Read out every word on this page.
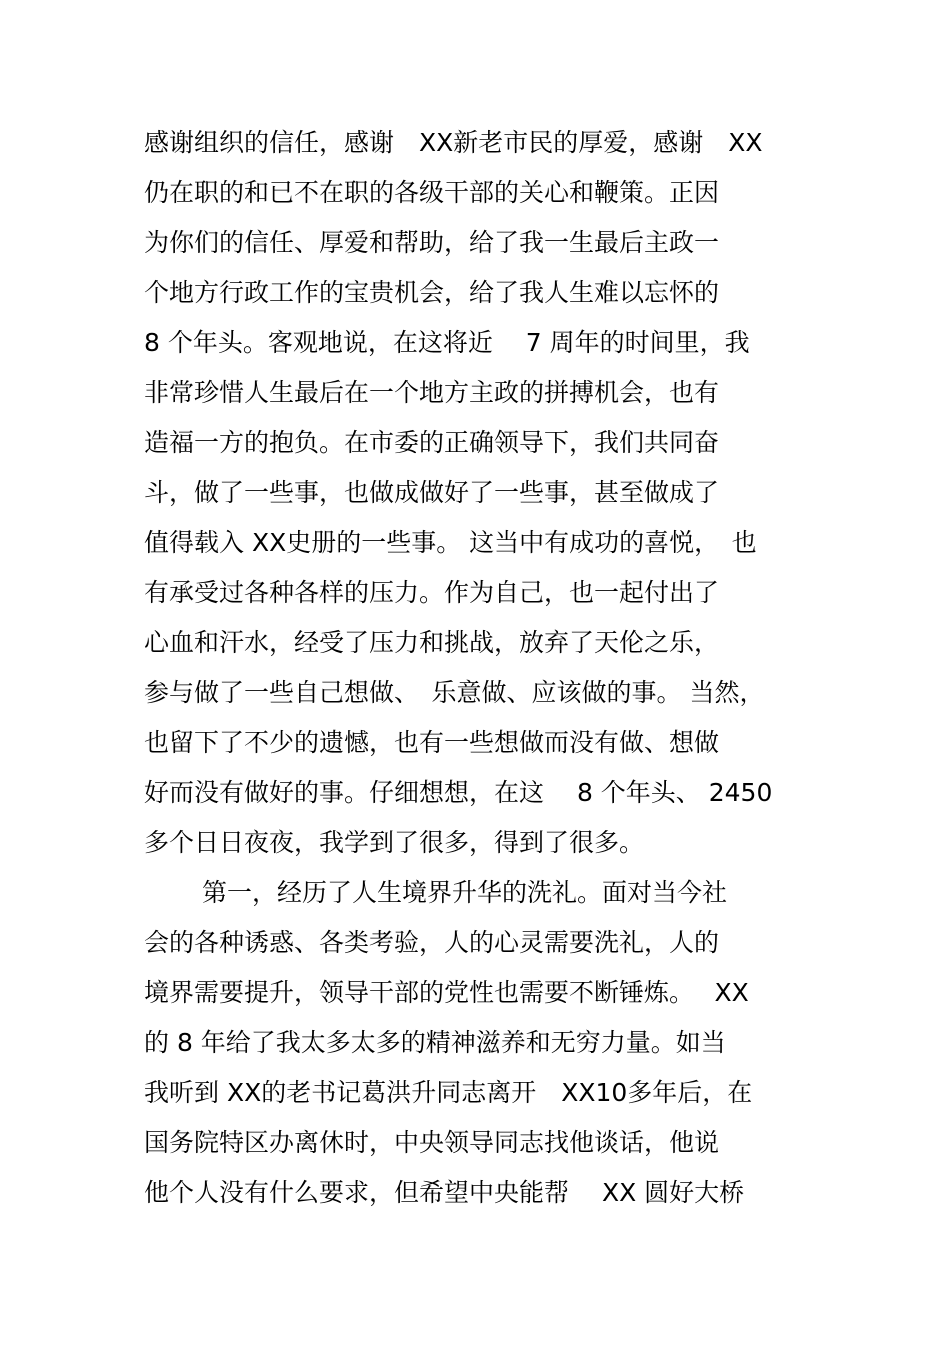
感谢组织的信任，感谢　XX新老市民的厚爱，感谢　XX
仍在职的和已不在职的各级干部的关心和鞭策。正因
为你们的信任、厚爱和帮助，给了我一生最后主政一
个地方行政工作的宝贵机会，给了我人生难以忘怀的
8 个年头。客观地说，在这将近　 7 周年的时间里，我
非常珍惜人生最后在一个地方主政的拼搏机会，也有
造福一方的抱负。在市委的正确领导下，我们共同奋
斗，做了一些事，也做成做好了一些事，甚至做成了
值得载入 XX史册的一些事。 这当中有成功的喜悦，　也
有承受过各种各样的压力。作为自己，也一起付出了
心血和汗水，经受了压力和挑战，放弃了天伦之乐，
参与做了一些自己想做、　乐意做、应该做的事。 当然，
也留下了不少的遗憾，也有一些想做而没有做、想做
好而没有做好的事。仔细想想，在这　 8 个年头、 2450
多个日日夜夜，我学到了很多，得到了很多。
第一，经历了人生境界升华的洗礼。面对当今社
会的各种诱惑、各类考验，人的心灵需要洗礼，人的
境界需要提升，领导干部的党性也需要不断锤炼。　 XX
的 8 年给了我太多太多的精神滋养和无穷力量。如当
我听到 XX的老书记葛洪升同志离开　XX10多年后，在
国务院特区办离休时，中央领导同志找他谈话，他说
他个人没有什么要求，但希望中央能帮　 XX 圆好大桥
